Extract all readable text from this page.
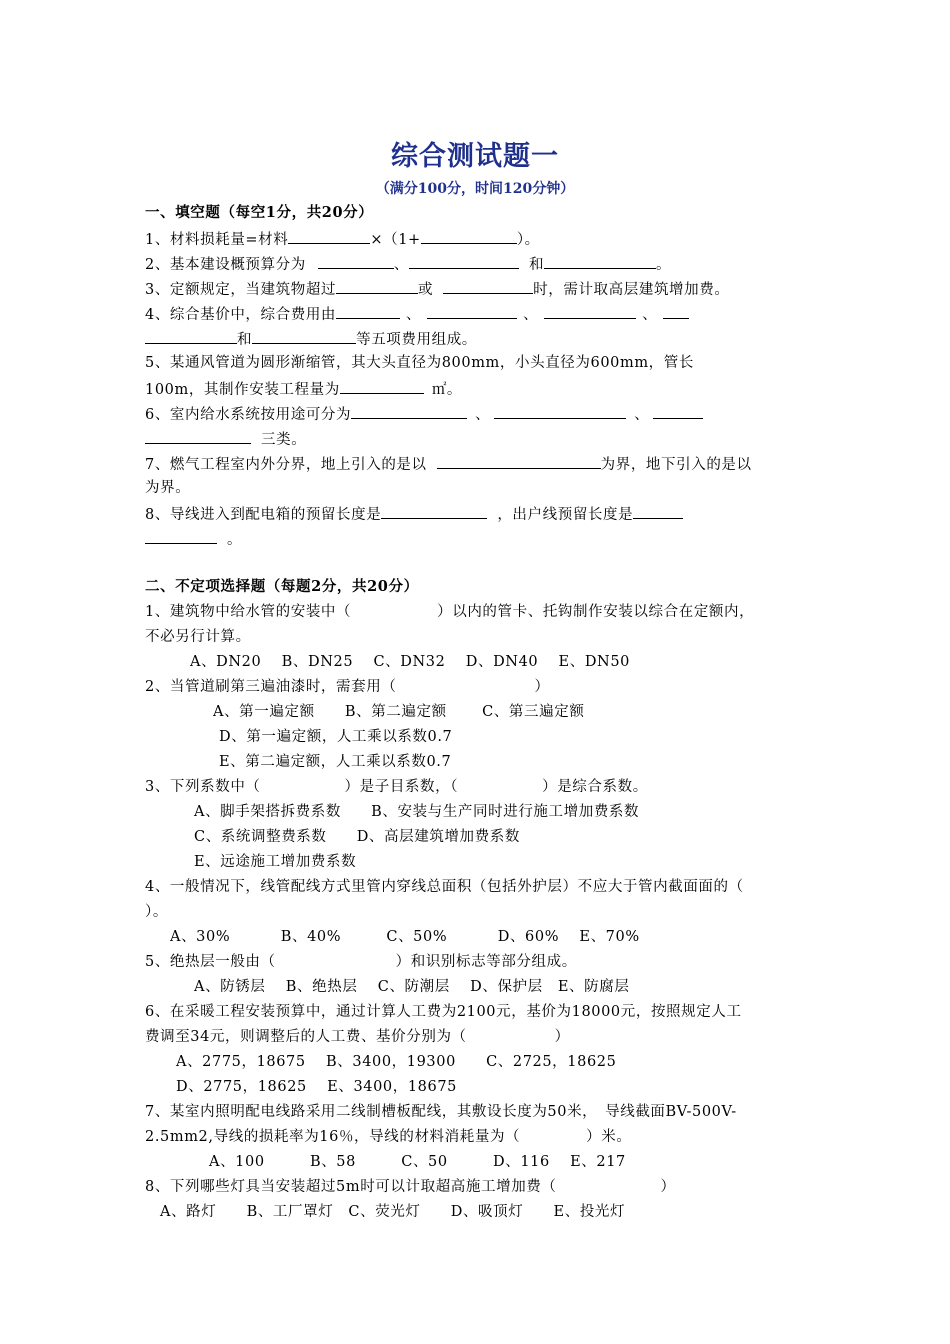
综合测试题一
（满分100分，时间120分钟）
一、填空题（每空1分，共20分）
1、材料损耗量=材料	×（1+	）。
2、基本建设概预算分为	、	和	。
3、定额规定，当建筑物超过	或	时，需计取高层建筑增加费。
4、综合基价中，综合费用由	、	、	、
和	等五项费用组成。
5、某通风管道为圆形渐缩管，其大头直径为800mm，小头直径为600mm，管长
100m，其制作安装工程量为	㎡。
6、室内给水系统按用途可分为	、	、
三类。
7、燃气工程室内外分界，地上引入的是以	为界，地下引入的是以
为界。
8、导线进入到配电箱的预留长度是	，出户线预留长度是
。
二、不定项选择题（每题2分，共20分）
1、建筑物中给水管的安装中（	）以内的管卡、托钩制作安装以综合在定额内，
不必另行计算。
A、DN20　 B、DN25　 C、DN32　 D、DN40　 E、DN50
2、当管道刷第三遍油漆时，需套用（	）
A、第一遍定额　　B、第二遍定额　　 C、第三遍定额
D、第一遍定额，人工乘以系数0.7
E、第二遍定额，人工乘以系数0.7
3、下列系数中（	）是子目系数，（	）是综合系数。
A、脚手架搭拆费系数　　B、安装与生产同时进行施工增加费系数
C、系统调整费系数　　D、高层建筑增加费系数
E、远途施工增加费系数
4、一般情况下，线管配线方式里管内穿线总面积（包括外护层）不应大于管内截面面的（
）。
A、30%　　　 B、40%　　　C、50%　　　 D、60%　 E、70%
5、绝热层一般由（	）和识别标志等部分组成。
A、防锈层　 B、绝热层　 C、防潮层　 D、保护层　E、防腐层
6、在采暖工程安装预算中，通过计算人工费为2100元，基价为18000元，按照规定人工
费调至34元，则调整后的人工费、基价分别为（	）
A、2775，18675　 B、3400，19300　　C、2725，18625
D、2775，18625　 E、3400，18675
7、某室内照明配电线路采用二线制槽板配线，其敷设长度为50米，　导线截面BV-500V-
2.5mm2,导线的损耗率为16％，导线的材料消耗量为（	）米。
A、100　　　B、58　　　C、50　　　D、116　 E、217
8、下列哪些灯具当安装超过5m时可以计取超高施工增加费（	）
A、路灯　　B、工厂罩灯　C、荧光灯　　D、吸顶灯　　E、投光灯
